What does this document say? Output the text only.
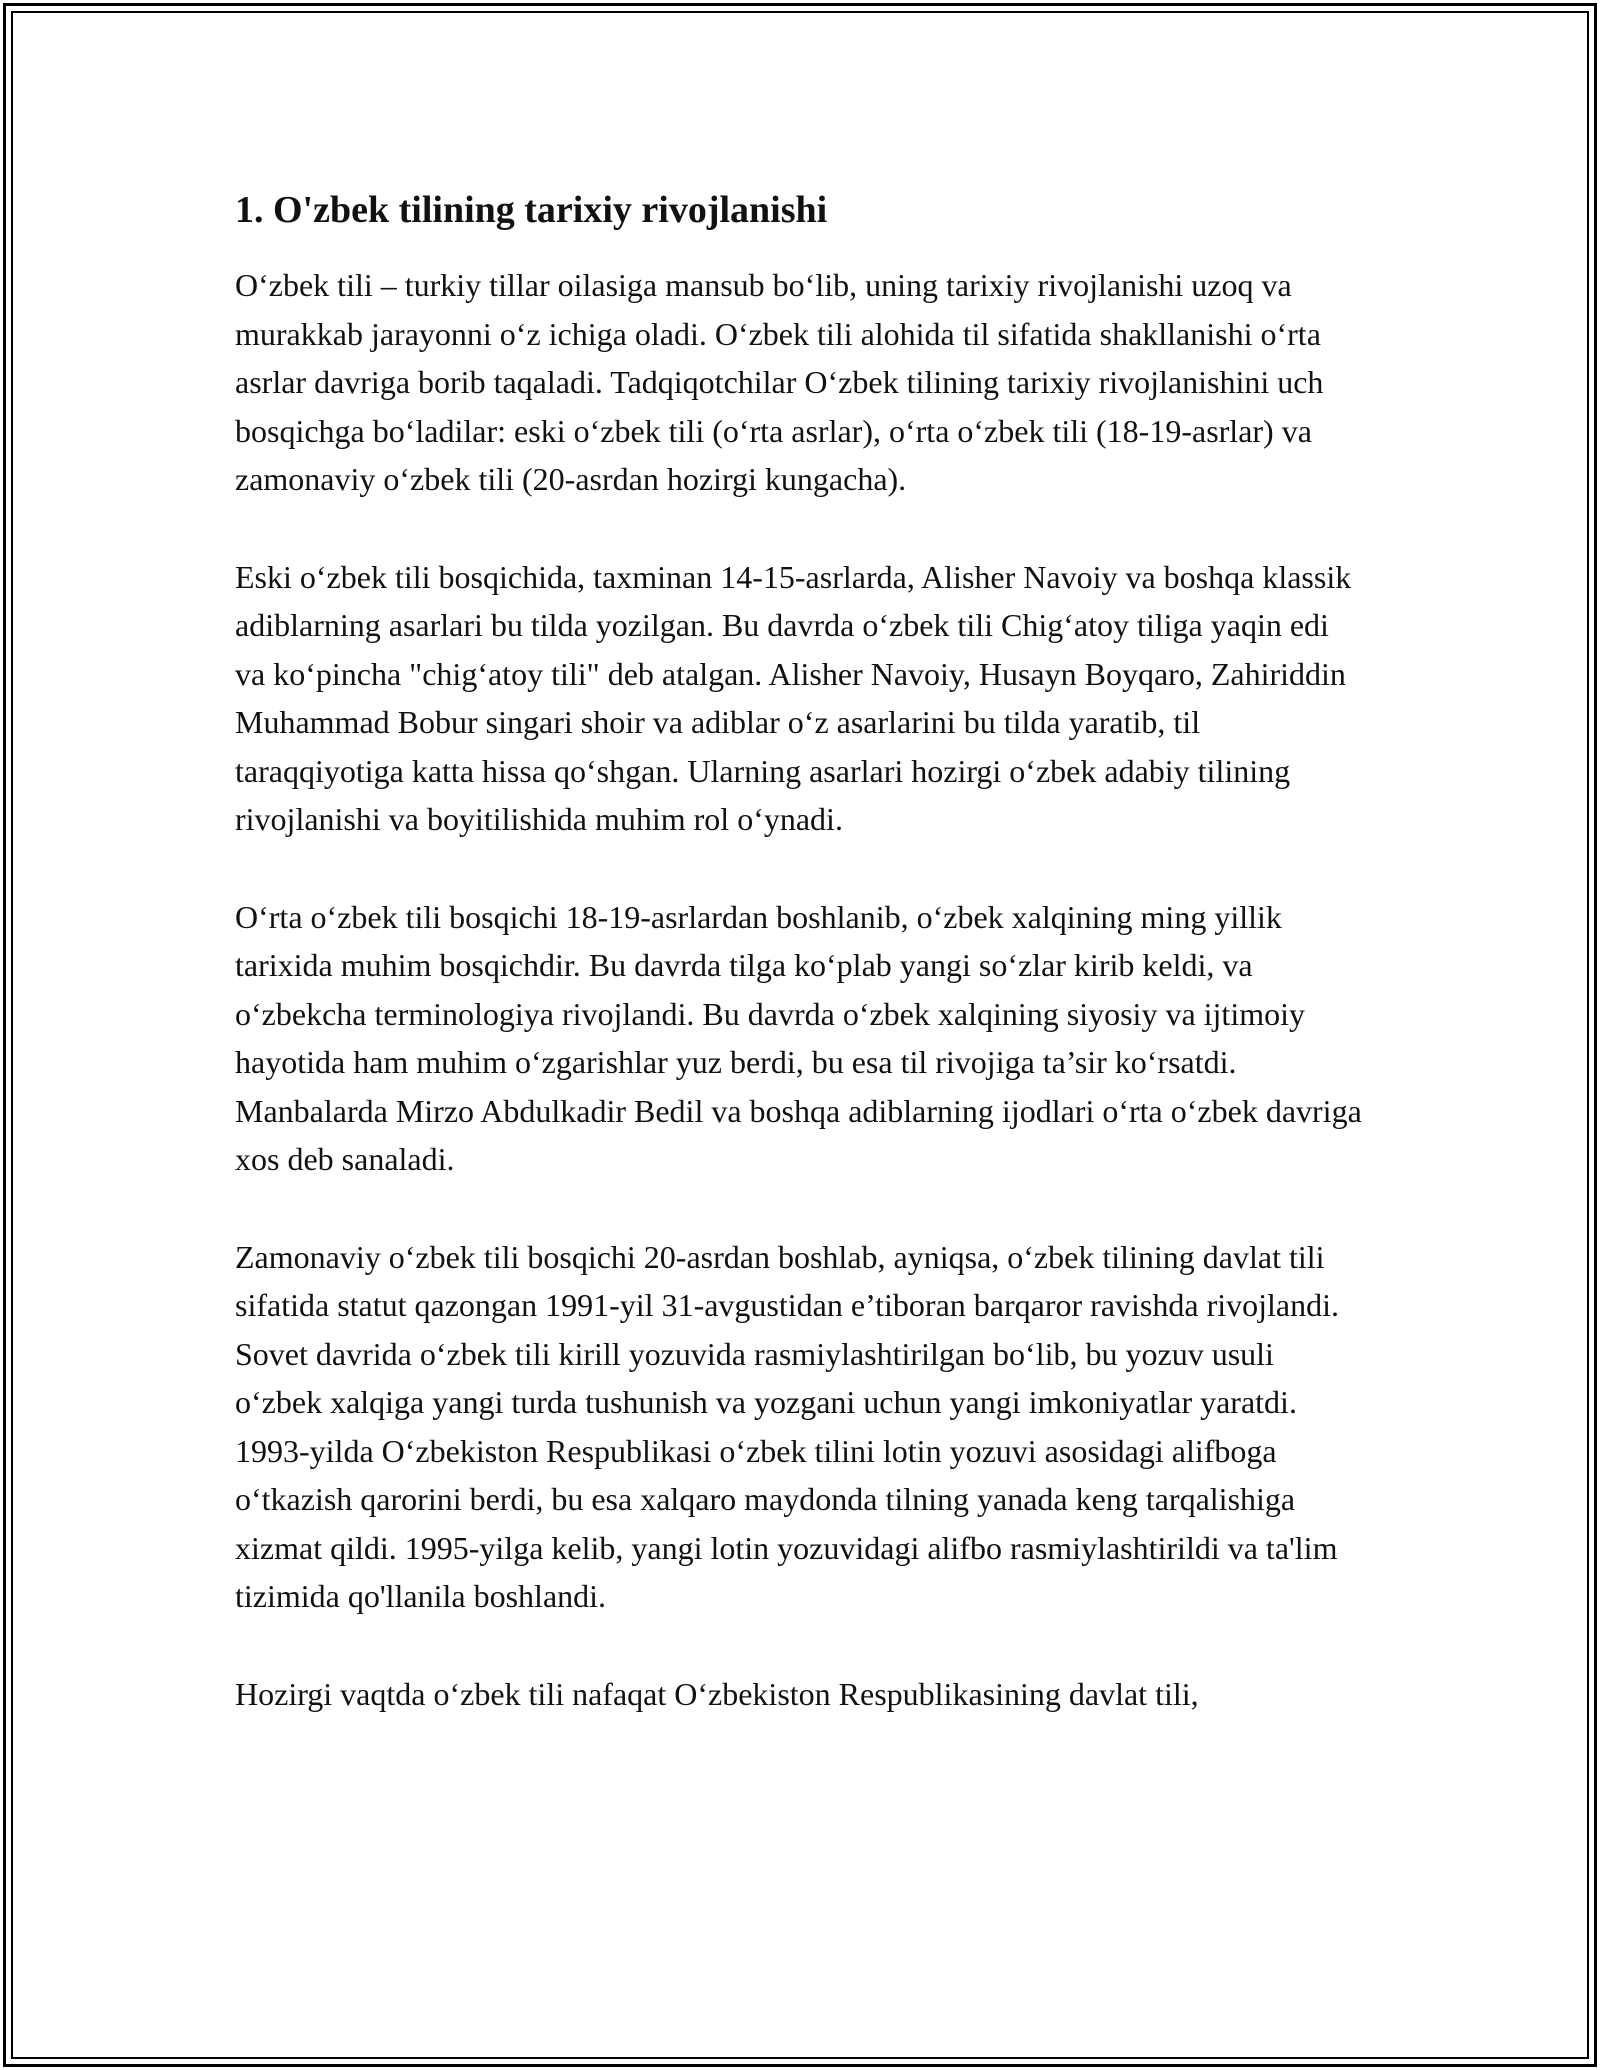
1. O'zbek tilining tarixiy rivojlanishi

O‘zbek tili – turkiy tillar oilasiga mansub bo‘lib, uning tarixiy rivojlanishi uzoq va murakkab jarayonni o‘z ichiga oladi. O‘zbek tili alohida til sifatida shakllanishi o‘rta asrlar davriga borib taqaladi. Tadqiqotchilar O‘zbek tilining tarixiy rivojlanishini uch bosqichga bo‘ladilar: eski o‘zbek tili (o‘rta asrlar), o‘rta o‘zbek tili (18-19-asrlar) va zamonaviy o‘zbek tili (20-asrdan hozirgi kungacha).

Eski o‘zbek tili bosqichida, taxminan 14-15-asrlarda, Alisher Navoiy va boshqa klassik adiblarning asarlari bu tilda yozilgan. Bu davrda o‘zbek tili Chig‘atoy tiliga yaqin edi va ko‘pincha "chig‘atoy tili" deb atalgan. Alisher Navoiy, Husayn Boyqaro, Zahiriddin Muhammad Bobur singari shoir va adiblar o‘z asarlarini bu tilda yaratib, til taraqqiyotiga katta hissa qo‘shgan. Ularning asarlari hozirgi o‘zbek adabiy tilining rivojlanishi va boyitilishida muhim rol o‘ynadi.

O‘rta o‘zbek tili bosqichi 18-19-asrlardan boshlanib, o‘zbek xalqining ming yillik tarixida muhim bosqichdir. Bu davrda tilga ko‘plab yangi so‘zlar kirib keldi, va o‘zbekcha terminologiya rivojlandi. Bu davrda o‘zbek xalqining siyosiy va ijtimoiy hayotida ham muhim o‘zgarishlar yuz berdi, bu esa til rivojiga ta’sir ko‘rsatdi. Manbalarda Mirzo Abdulkadir Bedil va boshqa adiblarning ijodlari o‘rta o‘zbek davriga xos deb sanaladi.

Zamonaviy o‘zbek tili bosqichi 20-asrdan boshlab, ayniqsa, o‘zbek tilining davlat tili sifatida statut qazongan 1991-yil 31-avgustidan e’tiboran barqaror ravishda rivojlandi. Sovet davrida o‘zbek tili kirill yozuvida rasmiylashtirilgan bo‘lib, bu yozuv usuli o‘zbek xalqiga yangi turda tushunish va yozgani uchun yangi imkoniyatlar yaratdi. 1993-yilda O‘zbekiston Respublikasi o‘zbek tilini lotin yozuvi asosidagi alifboga o‘tkazish qarorini berdi, bu esa xalqaro maydonda tilning yanada keng tarqalishiga xizmat qildi. 1995-yilga kelib, yangi lotin yozuvidagi alifbo rasmiylashtirildi va ta'lim tizimida qo'llanila boshlandi.

Hozirgi vaqtda o‘zbek tili nafaqat O‘zbekiston Respublikasining davlat tili,
